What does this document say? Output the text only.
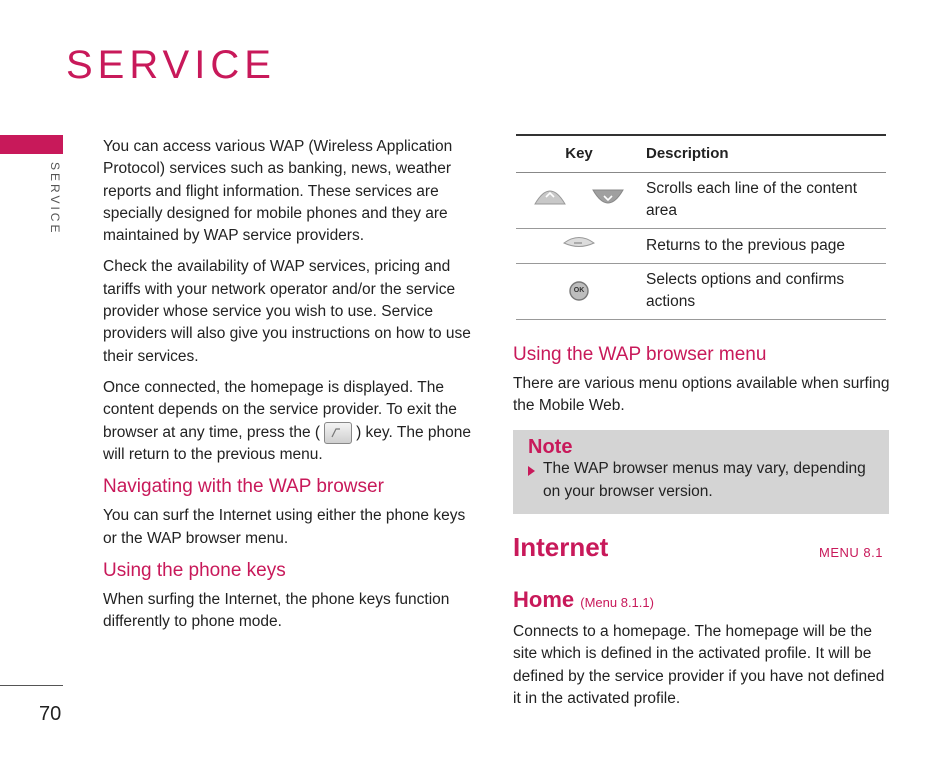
SERVICE
SERVICE
70

You can access various WAP (Wireless Application Protocol) services such as banking, news, weather reports and flight information. These services are specially designed for mobile phones and they are maintained by WAP service providers.

Check the availability of WAP services, pricing and tariffs with your network operator and/or the service provider whose service you wish to use. Service providers will also give you instructions on how to use their services.

Once connected, the homepage is displayed. The content depends on the service provider. To exit the browser at any time, press the ( ) key. The phone will return to the previous menu.

Navigating with the WAP browser

You can surf the Internet using either the phone keys or the WAP browser menu.

Using the phone keys

When surfing the Internet, the phone keys function differently to phone mode.

Key	Description
	Scrolls each line of the content area
	Returns to the previous page

OK	Selects options and confirms actions
Using the WAP browser menu

There are various menu options available when surfing the Mobile Web.

Note
The WAP browser menus may vary, depending on your browser version.
Internet	MENU 8.1
Home (Menu 8.1.1)
Connects to a homepage. The homepage will be the site which is defined in the activated profile. It will be defined by the service provider if you have not defined it in the activated profile.
